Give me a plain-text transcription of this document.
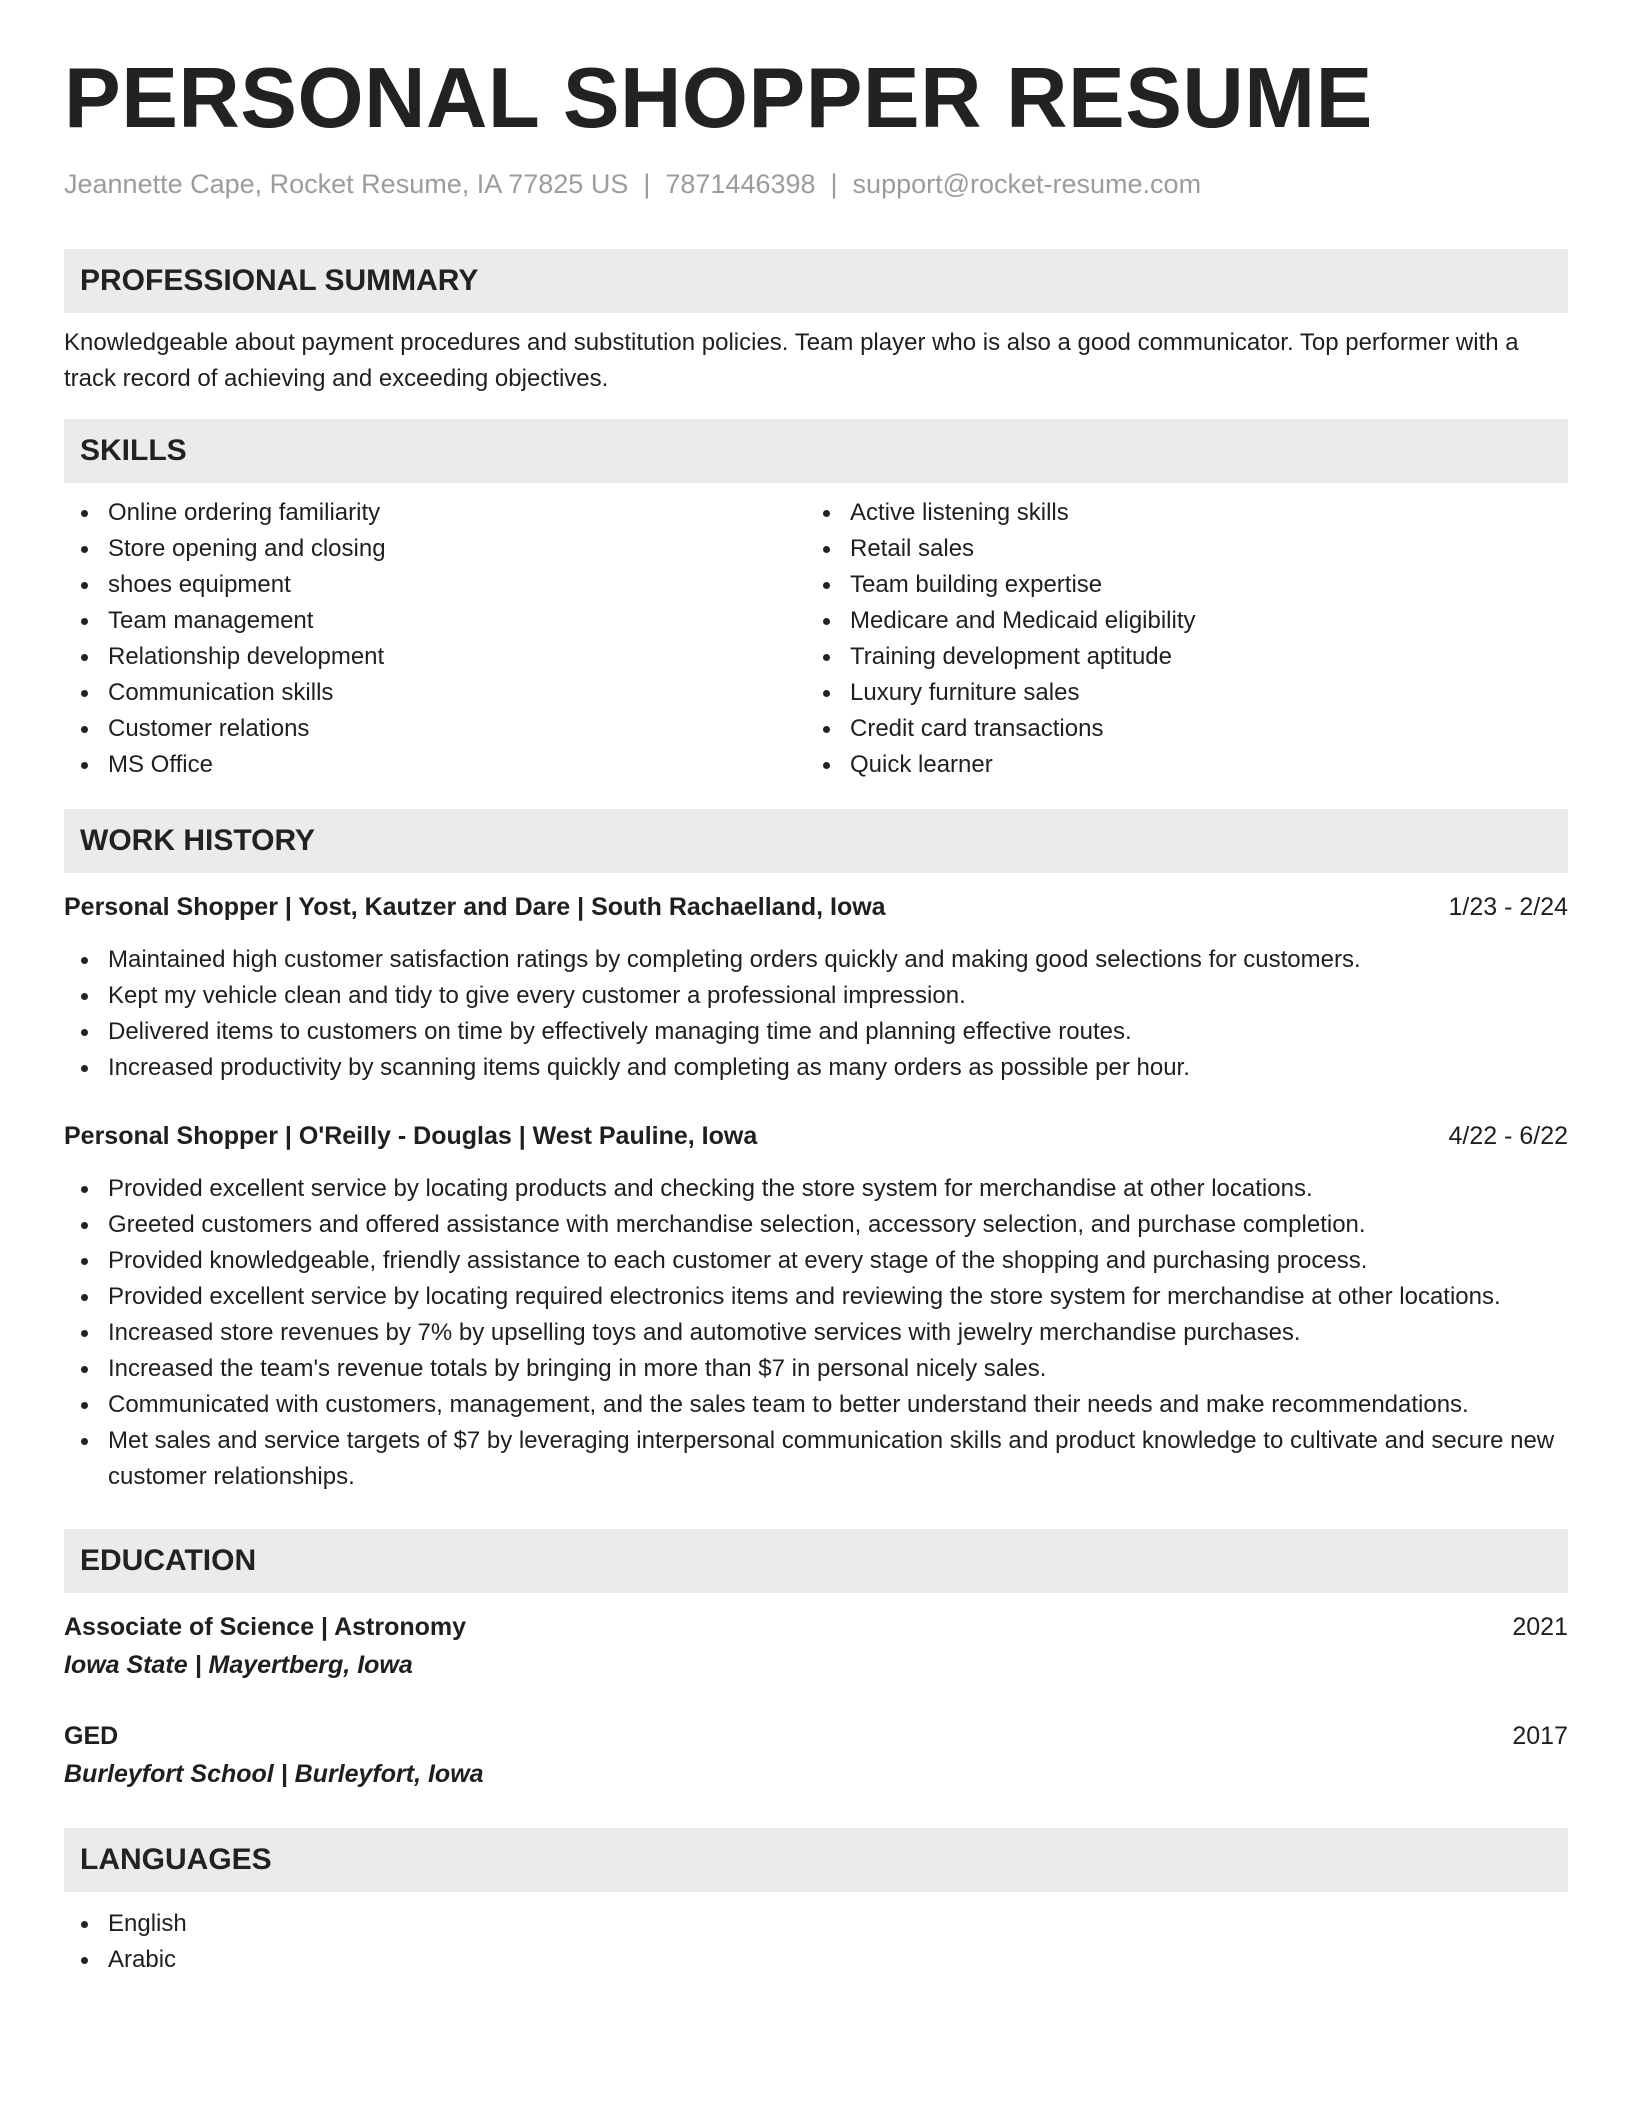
PERSONAL SHOPPER RESUME
Jeannette Cape, Rocket Resume, IA 77825 US | 7871446398 | support@rocket-resume.com
PROFESSIONAL SUMMARY

Knowledgeable about payment procedures and substitution policies. Team player who is also a good communicator. Top performer with a track record of achieving and exceeding objectives.

SKILLS
Online ordering familiarity
Store opening and closing
shoes equipment
Team management
Relationship development
Communication skills
Customer relations
MS Office
Active listening skills
Retail sales
Team building expertise
Medicare and Medicaid eligibility
Training development aptitude
Luxury furniture sales
Credit card transactions
Quick learner
WORK HISTORY
Personal Shopper | Yost, Kautzer and Dare | South Rachaelland, Iowa	1/23 - 2/24
Maintained high customer satisfaction ratings by completing orders quickly and making good selections for customers.
Kept my vehicle clean and tidy to give every customer a professional impression.
Delivered items to customers on time by effectively managing time and planning effective routes.
Increased productivity by scanning items quickly and completing as many orders as possible per hour.
Personal Shopper | O'Reilly - Douglas | West Pauline, Iowa	4/22 - 6/22
Provided excellent service by locating products and checking the store system for merchandise at other locations.
Greeted customers and offered assistance with merchandise selection, accessory selection, and purchase completion.
Provided knowledgeable, friendly assistance to each customer at every stage of the shopping and purchasing process.
Provided excellent service by locating required electronics items and reviewing the store system for merchandise at other locations.
Increased store revenues by 7% by upselling toys and automotive services with jewelry merchandise purchases.
Increased the team's revenue totals by bringing in more than $7 in personal nicely sales.
Communicated with customers, management, and the sales team to better understand their needs and make recommendations.
Met sales and service targets of $7 by leveraging interpersonal communication skills and product knowledge to cultivate and secure new customer relationships.
EDUCATION
Associate of Science | Astronomy	2021
Iowa State | Mayertberg, Iowa
GED	2017
Burleyfort School | Burleyfort, Iowa
LANGUAGES
English
Arabic
